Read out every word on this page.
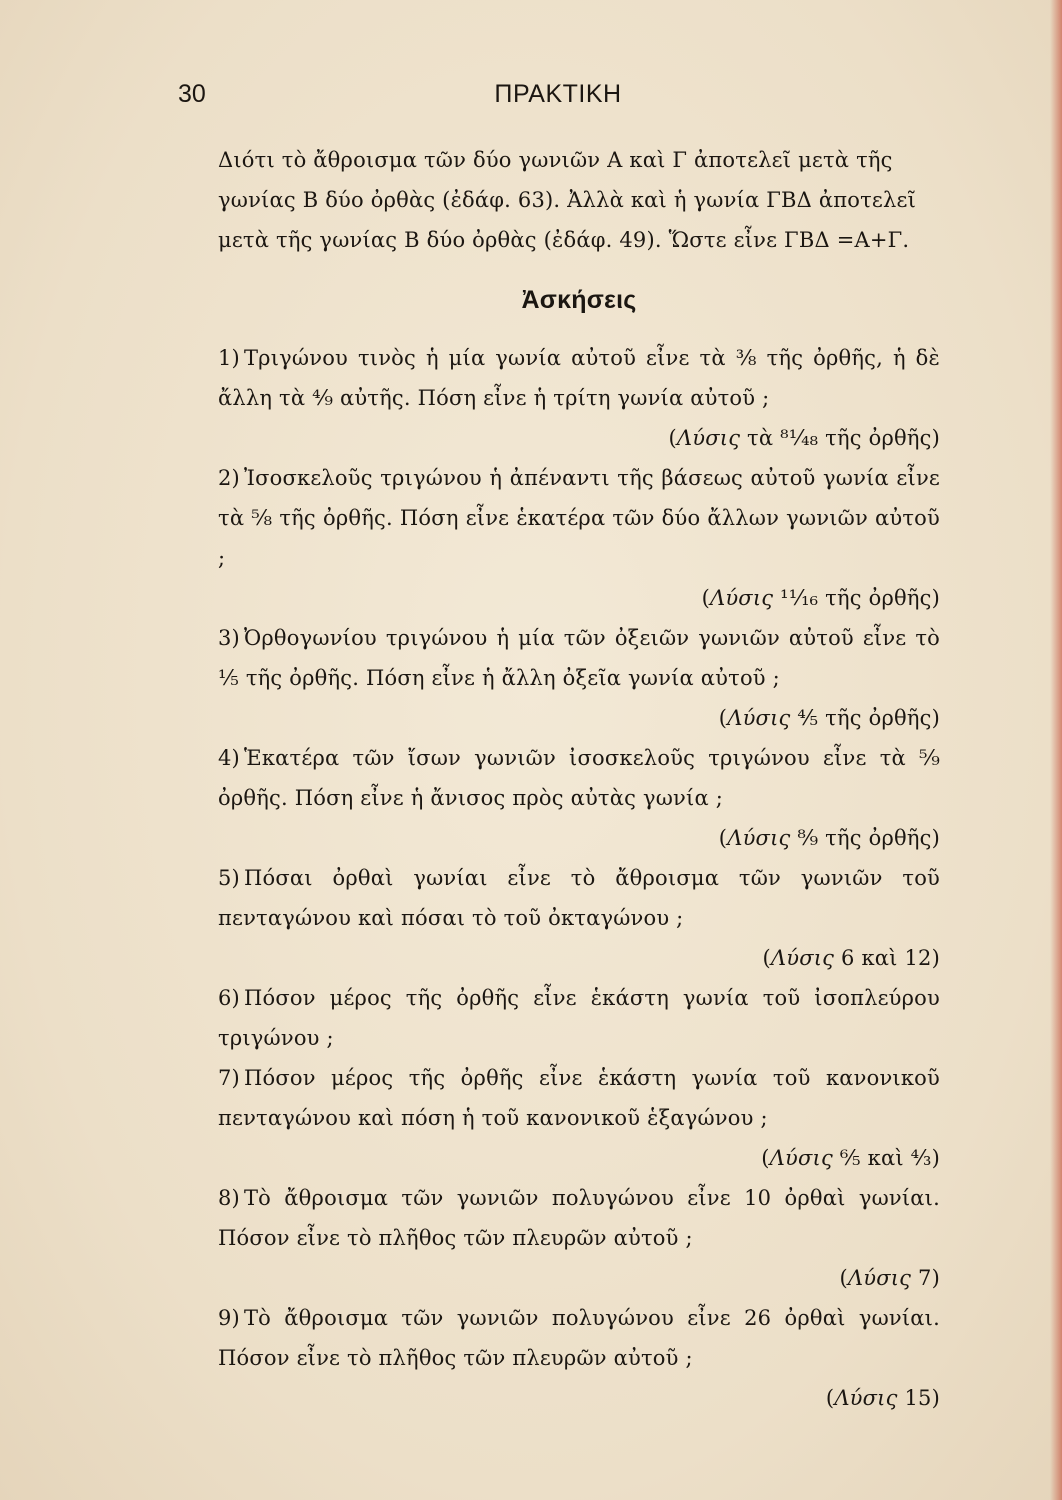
30	ΠΡΑΚΤΙΚΗ

Διότι τὸ ἄθροισμα τῶν δύο γωνιῶν Α καὶ Γ ἀποτελεῖ μετὰ τῆς γωνίας Β δύο ὀρθὰς (ἐδάφ. 63). Ἀλλὰ καὶ ἡ γωνία ΓΒΔ ἀποτελεῖ μετὰ τῆς γωνίας Β δύο ὀρθὰς (ἐδάφ. 49). Ὥστε εἶνε ΓΒΔ =Α+Γ.

Ἀσκήσεις

1) Τριγώνου τινὸς ἡ μία γωνία αὐτοῦ εἶνε τὰ ³⁄₈ τῆς ὀρθῆς, ἡ δὲ ἄλλη τὰ ⁴⁄₉ αὐτῆς. Πόση εἶνε ἡ τρίτη γωνία αὐτοῦ ;

(Λύσις τὰ ⁸¹⁄₄₈ τῆς ὀρθῆς)

2) Ἰσοσκελοῦς τριγώνου ἡ ἀπέναντι τῆς βάσεως αὐτοῦ γωνία εἶνε τὰ ⁵⁄₈ τῆς ὀρθῆς. Πόση εἶνε ἑκατέρα τῶν δύο ἄλλων γωνιῶν αὐτοῦ ;

(Λύσις ¹¹⁄₁₆ τῆς ὀρθῆς)

3) Ὀρθογωνίου τριγώνου ἡ μία τῶν ὀξειῶν γωνιῶν αὐτοῦ εἶνε τὸ ¹⁄₅ τῆς ὀρθῆς. Πόση εἶνε ἡ ἄλλη ὀξεῖα γωνία αὐτοῦ ;

(Λύσις ⁴⁄₅ τῆς ὀρθῆς)

4) Ἑκατέρα τῶν ἴσων γωνιῶν ἰσοσκελοῦς τριγώνου εἶνε τὰ ⁵⁄₉ ὀρθῆς. Πόση εἶνε ἡ ἄνισος πρὸς αὐτὰς γωνία ;

(Λύσις ⁸⁄₉ τῆς ὀρθῆς)

5) Πόσαι ὀρθαὶ γωνίαι εἶνε τὸ ἄθροισμα τῶν γωνιῶν τοῦ πενταγώνου καὶ πόσαι τὸ τοῦ ὀκταγώνου ;

(Λύσις 6 καὶ 12)

6) Πόσον μέρος τῆς ὀρθῆς εἶνε ἑκάστη γωνία τοῦ ἰσοπλεύρου τριγώνου ;

7) Πόσον μέρος τῆς ὀρθῆς εἶνε ἑκάστη γωνία τοῦ κανονικοῦ πενταγώνου καὶ πόση ἡ τοῦ κανονικοῦ ἑξαγώνου ;

(Λύσις ⁶⁄₅ καὶ ⁴⁄₃)

8) Τὸ ἄθροισμα τῶν γωνιῶν πολυγώνου εἶνε 10 ὀρθαὶ γωνίαι. Πόσον εἶνε τὸ πλῆθος τῶν πλευρῶν αὐτοῦ ;

(Λύσις 7)

9) Τὸ ἄθροισμα τῶν γωνιῶν πολυγώνου εἶνε 26 ὀρθαὶ γωνίαι. Πόσον εἶνε τὸ πλῆθος τῶν πλευρῶν αὐτοῦ ;

(Λύσις 15)
